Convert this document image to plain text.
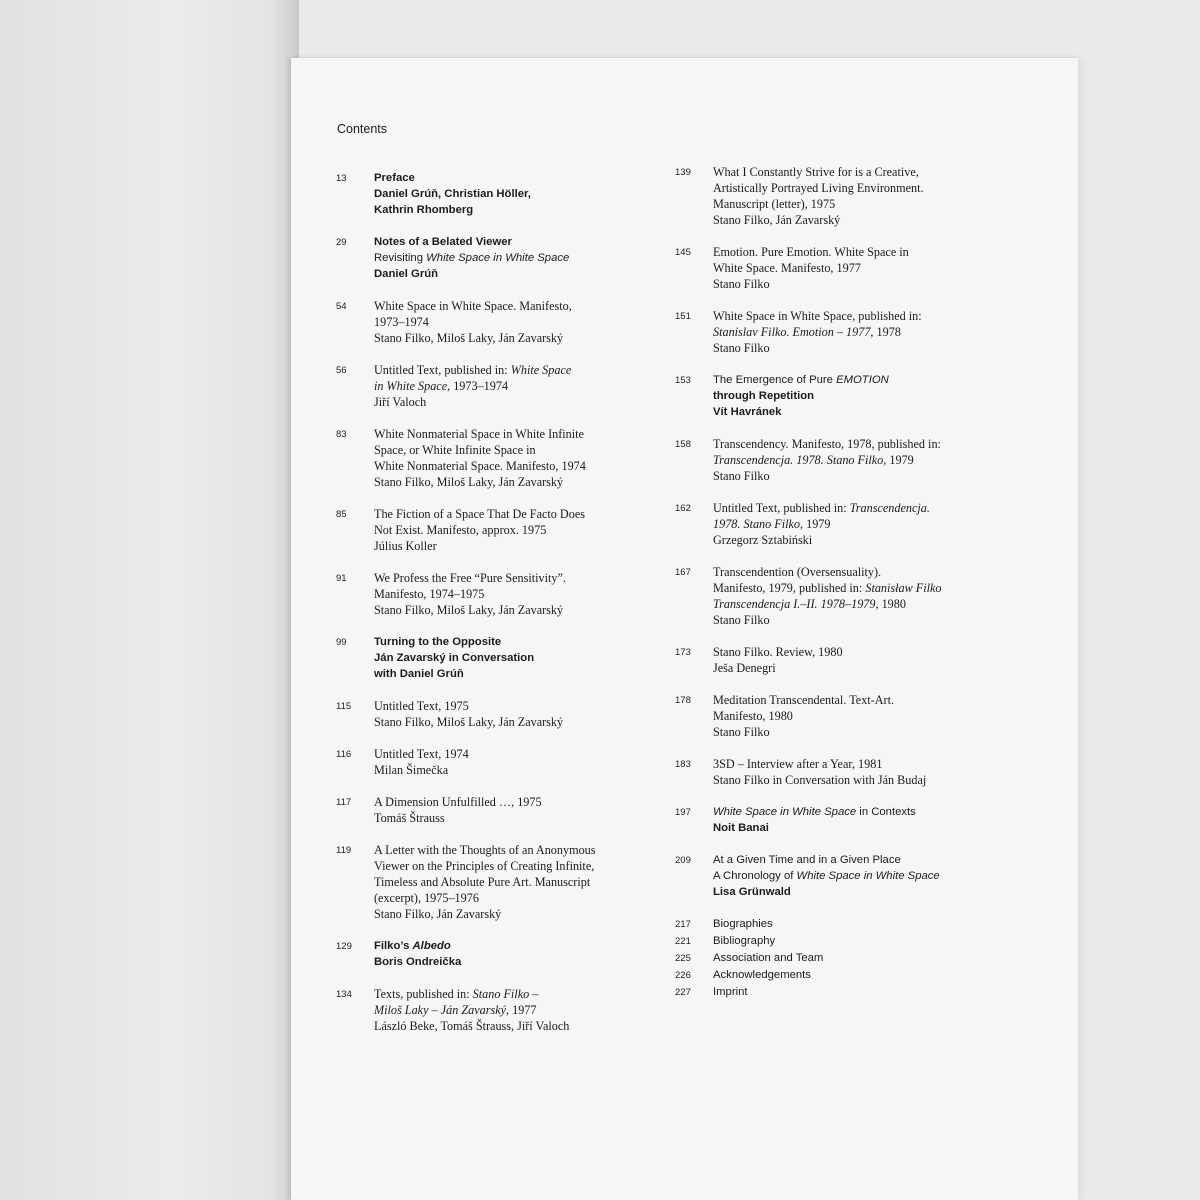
Contents
13	Preface
Daniel Grúň, Christian Höller,
Kathrin Rhomberg
29	Notes of a Belated Viewer
Revisiting White Space in White Space
Daniel Grúň
54	White Space in White Space. Manifesto,
1973–1974
Stano Filko, Miloš Laky, Ján Zavarský
56	Untitled Text, published in: White Space
in White Space, 1973–1974
Jiří Valoch
83	White Nonmaterial Space in White Infinite
Space, or White Infinite Space in
White Nonmaterial Space. Manifesto, 1974
Stano Filko, Miloš Laky, Ján Zavarský
85	The Fiction of a Space That De Facto Does
Not Exist. Manifesto, approx. 1975
Július Koller
91	We Profess the Free “Pure Sensitivity”.
Manifesto, 1974–1975
Stano Filko, Miloš Laky, Ján Zavarský
99	Turning to the Opposite
Ján Zavarský in Conversation
with Daniel Grúň
115	Untitled Text, 1975
Stano Filko, Miloš Laky, Ján Zavarský
116	Untitled Text, 1974
Milan Šimečka
117	A Dimension Unfulfilled …, 1975
Tomáš Štrauss
119	A Letter with the Thoughts of an Anonymous
Viewer on the Principles of Creating Infinite,
Timeless and Absolute Pure Art. Manuscript
(excerpt), 1975–1976
Stano Filko, Ján Zavarský
129	Filko’s Albedo
Boris Ondreička
134	Texts, published in: Stano Filko –
Miloš Laky – Ján Zavarský, 1977
László Beke, Tomáš Štrauss, Jiří Valoch
139	What I Constantly Strive for is a Creative,
Artistically Portrayed Living Environment.
Manuscript (letter), 1975
Stano Filko, Ján Zavarský
145	Emotion. Pure Emotion. White Space in
White Space. Manifesto, 1977
Stano Filko
151	White Space in White Space, published in:
Stanislav Filko. Emotion – 1977, 1978
Stano Filko
153	The Emergence of Pure EMOTION
through Repetition
Vít Havránek
158	Transcendency. Manifesto, 1978, published in:
Transcendencja. 1978. Stano Filko, 1979
Stano Filko
162	Untitled Text, published in: Transcendencja.
1978. Stano Filko, 1979
Grzegorz Sztabiński
167	Transcendention (Oversensuality).
Manifesto, 1979, published in: Stanisław Filko
Transcendencja I.–II. 1978–1979, 1980
Stano Filko
173	Stano Filko. Review, 1980
Ješa Denegri
178	Meditation Transcendental. Text-Art.
Manifesto, 1980
Stano Filko
183	3SD – Interview after a Year, 1981
Stano Filko in Conversation with Ján Budaj
197	White Space in White Space in Contexts
Noit Banai
209	At a Given Time and in a Given Place
A Chronology of White Space in White Space
Lisa Grünwald
217	Biographies
221	Bibliography
225	Association and Team
226	Acknowledgements
227	Imprint
